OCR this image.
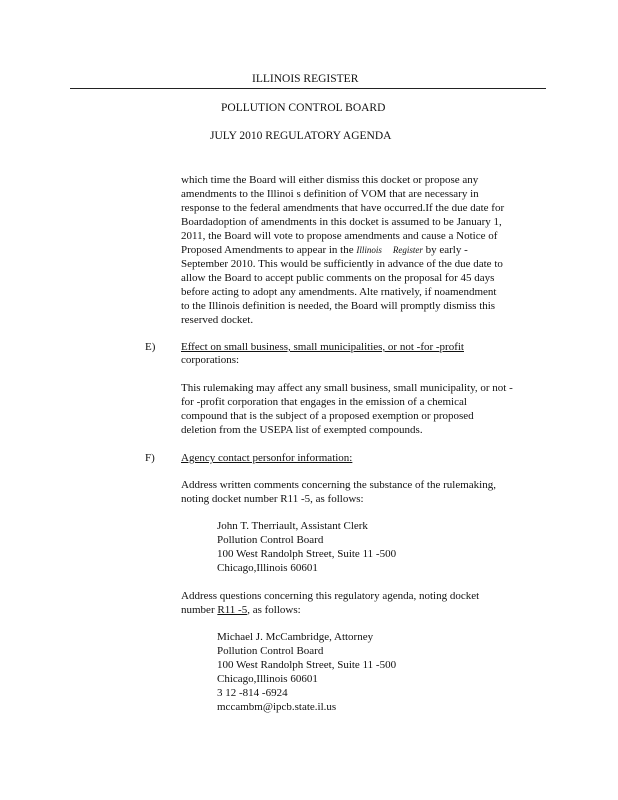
ILLINOIS REGISTER
POLLUTION CONTROL BOARD
JULY 2010 REGULATORY AGENDA
which time the Board will either dismiss this docket or propose any
amendments to the Illinoi s definition of VOM that are necessary in
response to the federal amendments that have occurred.If the due date for
Boardadoption of amendments in this docket is assumed to be January 1,
2011, the Board will vote to propose amendments and cause a Notice of
Proposed Amendments to appear in the Illinois Register by early -
September 2010. This would be sufficiently in advance of the due date to
allow the Board to accept public comments on the proposal for 45 days
before acting to adopt any amendments. Alte rnatively, if noamendment
to the Illinois definition is needed, the Board will promptly dismiss this
reserved docket.
E) Effect on small business, small municipalities, or not -for -profit
corporations:
This rulemaking may affect any small business, small municipality, or not -
for -profit corporation that engages in the emission of a chemical
compound that is the subject of a proposed exemption or proposed
deletion from the USEPA list of exempted compounds.
F) Agency contact personfor information:
Address written comments concerning the substance of the rulemaking,
noting docket number R11 -5, as follows:
John T. Therriault, Assistant Clerk
Pollution Control Board
100 West Randolph Street, Suite 11 -500
Chicago,Illinois 60601
Address questions concerning this regulatory agenda, noting docket
number R11 -5, as follows:
Michael J. McCambridge, Attorney
Pollution Control Board
100 West Randolph Street, Suite 11 -500
Chicago,Illinois 60601
3 12 -814 -6924
mccambm@ipcb.state.il.us
